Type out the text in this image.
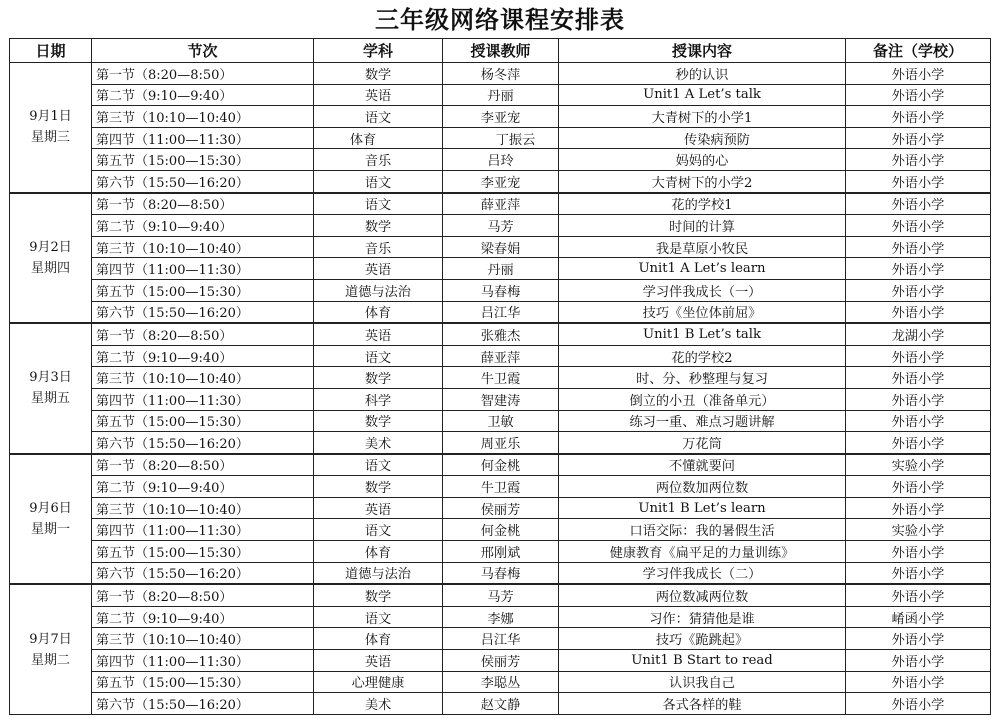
三年级网络课程安排表
日期	节次	学科	授课教师	授课内容	备注（学校）

9月1日
星期三	第一节（8:20—8:50）	数学	杨冬萍	秒的认识	外语小学
	第二节（9:10—9:40）	英语	丹丽	Unit1 A Let’s talk	外语小学
	第三节（10:10—10:40）	语文	李亚宠	大青树下的小学1	外语小学
	第四节（11:00—11:30）	体育	丁振云	传染病预防	外语小学
	第五节（15:00—15:30）	音乐	吕玲	妈妈的心	外语小学
	第六节（15:50—16:20）	语文	李亚宠	大青树下的小学2	外语小学

9月2日
星期四	第一节（8:20—8:50）	语文	薛亚萍	花的学校1	外语小学
	第二节（9:10—9:40）	数学	马芳	时间的计算	外语小学
	第三节（10:10—10:40）	音乐	梁春娟	我是草原小牧民	外语小学
	第四节（11:00—11:30）	英语	丹丽	Unit1 A Let’s learn	外语小学
	第五节（15:00—15:30）	道德与法治	马春梅	学习伴我成长（一）	外语小学
	第六节（15:50—16:20）	体育	吕江华	技巧《坐位体前屈》	外语小学

9月3日
星期五	第一节（8:20—8:50）	英语	张雅杰	Unit1 B Let’s talk	龙湖小学
	第二节（9:10—9:40）	语文	薛亚萍	花的学校2	外语小学
	第三节（10:10—10:40）	数学	牛卫霞	时、分、秒整理与复习	外语小学
	第四节（11:00—11:30）	科学	智建涛	倒立的小丑（准备单元）	外语小学
	第五节（15:00—15:30）	数学	卫敏	练习一重、难点习题讲解	外语小学
	第六节（15:50—16:20）	美术	周亚乐	万花筒	外语小学

9月6日
星期一	第一节（8:20—8:50）	语文	何金桃	不懂就要问	实验小学
	第二节（9:10—9:40）	数学	牛卫霞	两位数加两位数	外语小学
	第三节（10:10—10:40）	英语	侯丽芳	Unit1 B Let’s learn	外语小学
	第四节（11:00—11:30）	语文	何金桃	口语交际：我的暑假生活	实验小学
	第五节（15:00—15:30）	体育	邢刚斌	健康教育《扁平足的力量训练》	外语小学
	第六节（15:50—16:20）	道德与法治	马春梅	学习伴我成长（二）	外语小学

9月7日
星期二	第一节（8:20—8:50）	数学	马芳	两位数减两位数	外语小学
	第二节（9:10—9:40）	语文	李娜	习作：猜猜他是谁	崤函小学
	第三节（10:10—10:40）	体育	吕江华	技巧《跪跳起》	外语小学
	第四节（11:00—11:30）	英语	侯丽芳	Unit1 B Start to read	外语小学
	第五节（15:00—15:30）	心理健康	李聪丛	认识我自己	外语小学
	第六节（15:50—16:20）	美术	赵文静	各式各样的鞋	外语小学
